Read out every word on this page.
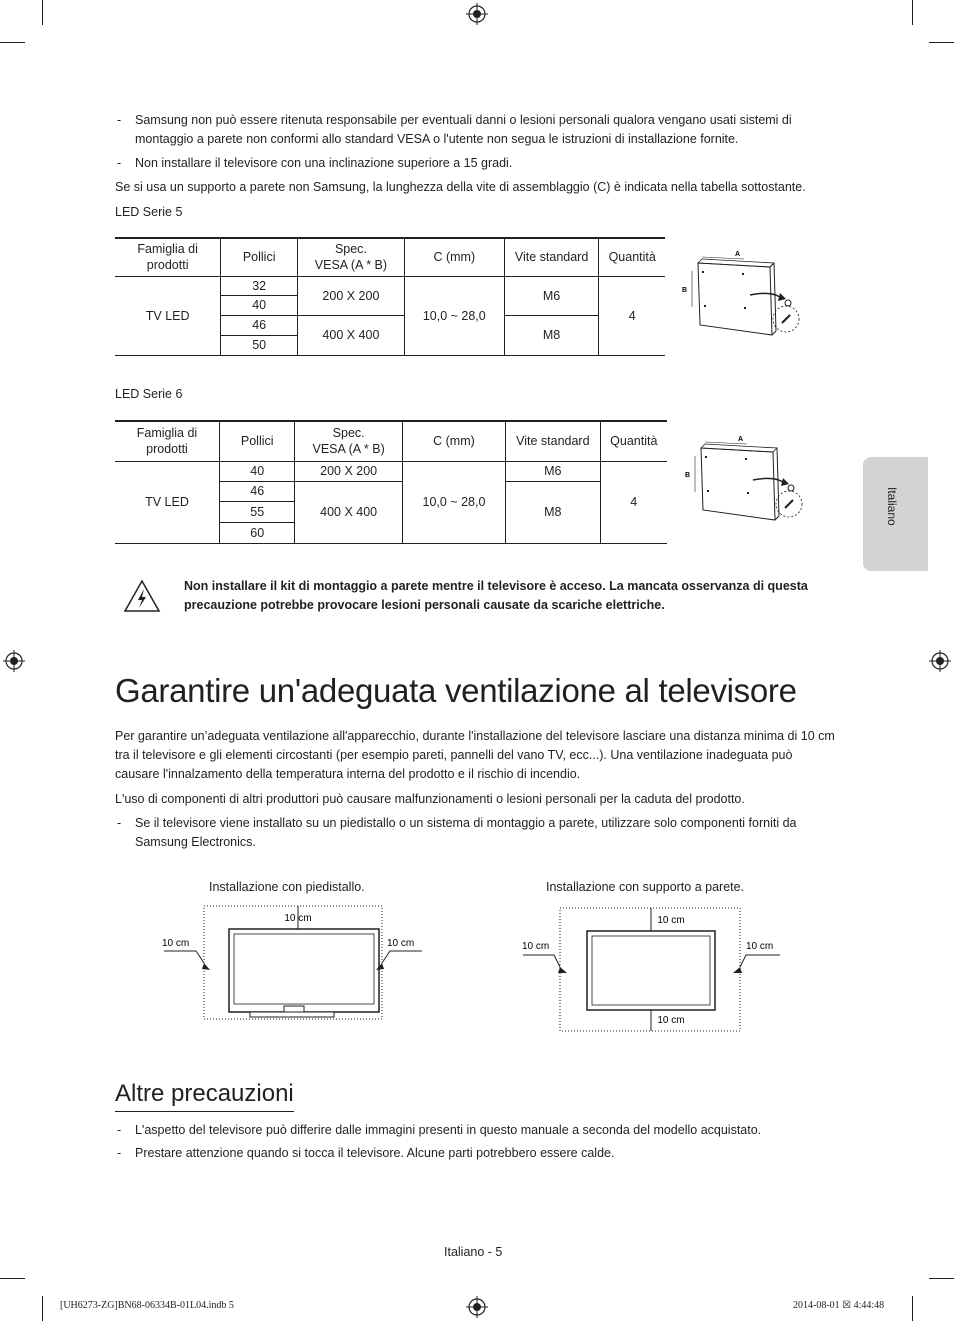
- Samsung non può essere ritenuta responsabile per eventuali danni o lesioni personali qualora vengano usati sistemi di montaggio a parete non conformi allo standard VESA o l'utente non segua le istruzioni di installazione fornite.
- Non installare il televisore con una inclinazione superiore a 15 gradi.
Se si usa un supporto a parete non Samsung, la lunghezza della vite di assemblaggio (C) è indicata nella tabella sottostante.
LED Serie 5
Famiglia di prodotti	Pollici	Spec.
VESA (A * B)	C (mm)	Vite standard	Quantità
TV LED	32	200 X 200	10,0 ~ 28,0	M6	4
	40				
	46	400 X 400		M8	
	50				
A
B
LED Serie 6
Famiglia di prodotti	Pollici	Spec.
VESA (A * B)	C (mm)	Vite standard	Quantità
TV LED	40	200 X 200	10,0 ~ 28,0	M6	4
	46	400 X 400		M8	
	55				
	60				
A
B
Italiano
Non installare il kit di montaggio a parete mentre il televisore è acceso. La mancata osservanza di questa precauzione potrebbe provocare lesioni personali causate da scariche elettriche.
Garantire un'adeguata ventilazione al televisore
Per garantire un’adeguata ventilazione all'apparecchio, durante l'installazione del televisore lasciare una distanza minima di 10 cm tra il televisore e gli elementi circostanti (per esempio pareti, pannelli del vano TV, ecc...). Una ventilazione inadeguata può causare l'innalzamento della temperatura interna del prodotto e il rischio di incendio.
L'uso di componenti di altri produttori può causare malfunzionamenti o lesioni personali per la caduta del prodotto.
- Se il televisore viene installato su un piedistallo o un sistema di montaggio a parete, utilizzare solo componenti forniti da Samsung Electronics.
Installazione con piedistallo.	Installazione con supporto a parete.
10 cm
10 cm	10 cm
10 cm
10 cm
10 cm	10 cm
Altre precauzioni
- L'aspetto del televisore può differire dalle immagini presenti in questo manuale a seconda del modello acquistato.
- Prestare attenzione quando si tocca il televisore. Alcune parti potrebbero essere calde.
Italiano - 5
[UH6273-ZG]BN68-06334B-01L04.indb 5	2014-08-01 ☒ 4:44:48
